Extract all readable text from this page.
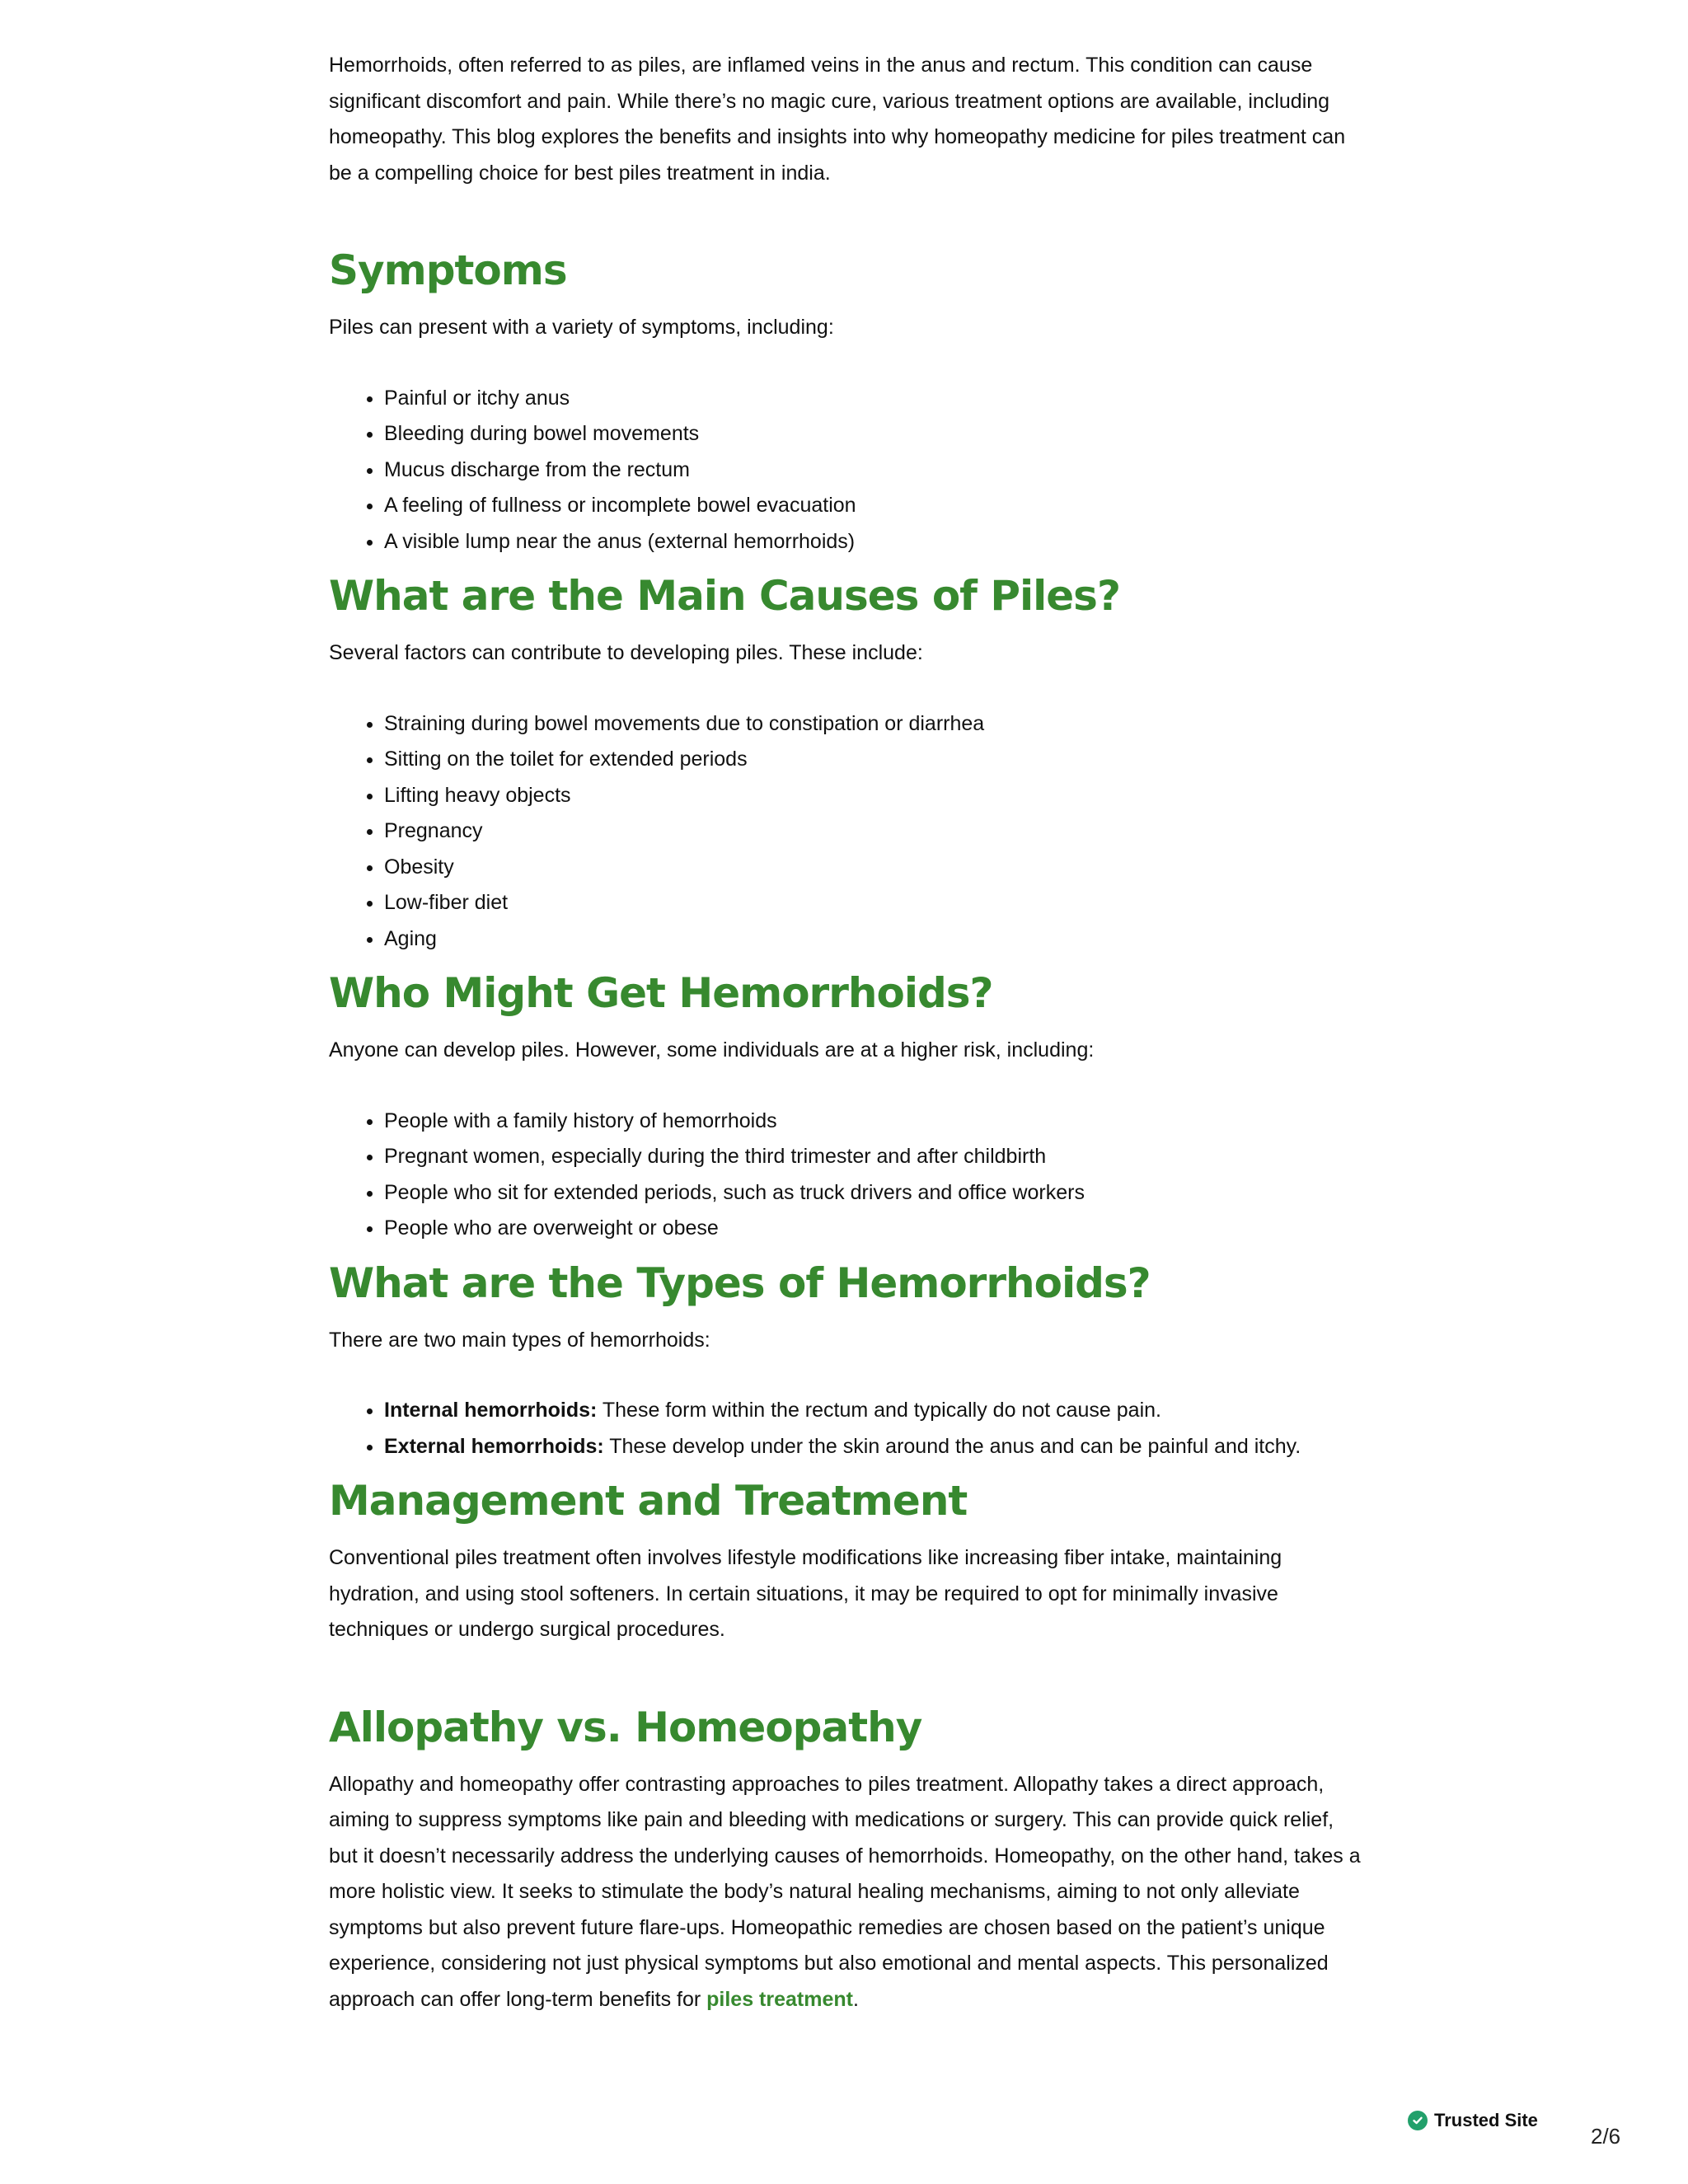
Hemorrhoids, often referred to as piles, are inflamed veins in the anus and rectum. This condition can cause significant discomfort and pain. While there’s no magic cure, various treatment options are available, including homeopathy. This blog explores the benefits and insights into why homeopathy medicine for piles treatment can be a compelling choice for best piles treatment in india.

Symptoms

Piles can present with a variety of symptoms, including:

• Painful or itchy anus
• Bleeding during bowel movements
• Mucus discharge from the rectum
• A feeling of fullness or incomplete bowel evacuation
• A visible lump near the anus (external hemorrhoids)
What are the Main Causes of Piles?

Several factors can contribute to developing piles. These include:

• Straining during bowel movements due to constipation or diarrhea
• Sitting on the toilet for extended periods
• Lifting heavy objects
• Pregnancy
• Obesity
• Low-fiber diet
• Aging
Who Might Get Hemorrhoids?

Anyone can develop piles. However, some individuals are at a higher risk, including:

• People with a family history of hemorrhoids
• Pregnant women, especially during the third trimester and after childbirth
• People who sit for extended periods, such as truck drivers and office workers
• People who are overweight or obese
What are the Types of Hemorrhoids?

There are two main types of hemorrhoids:

• Internal hemorrhoids: These form within the rectum and typically do not cause pain.
• External hemorrhoids: These develop under the skin around the anus and can be painful and itchy.
Management and Treatment

Conventional piles treatment often involves lifestyle modifications like increasing fiber intake, maintaining hydration, and using stool softeners. In certain situations, it may be required to opt for minimally invasive techniques or undergo surgical procedures.

Allopathy vs. Homeopathy

Allopathy and homeopathy offer contrasting approaches to piles treatment. Allopathy takes a direct approach, aiming to suppress symptoms like pain and bleeding with medications or surgery. This can provide quick relief, but it doesn’t necessarily address the underlying causes of hemorrhoids. Homeopathy, on the other hand, takes a more holistic view. It seeks to stimulate the body’s natural healing mechanisms, aiming to not only alleviate symptoms but also prevent future flare-ups. Homeopathic remedies are chosen based on the patient’s unique experience, considering not just physical symptoms but also emotional and mental aspects. This personalized approach can offer long-term benefits for piles treatment.

Trusted Site
2/6
